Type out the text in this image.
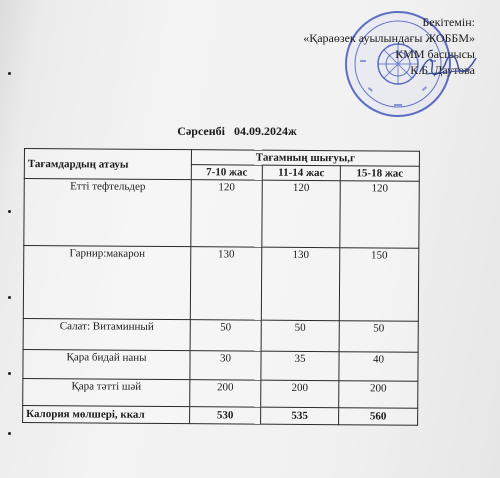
Бекітемін:
«Қараөзек ауылындағы ЖОББМ»
КММ басшысы
К.Б. Даутова
Сәрсенбі 04.09.2024ж
Тағамдардың атауы	Тағамның шығуы,г		
	7-10 жас	11-14 жас	15-18 жас
Етті тефтельдер	120	120	120
Гарнир:макарон	130	130	150
Салат: Витаминный	50	50	50
Қара бидай наны	30	35	40
Қара тәтті шәй	200	200	200
Калория мөлшері, ккал	530	535	560
